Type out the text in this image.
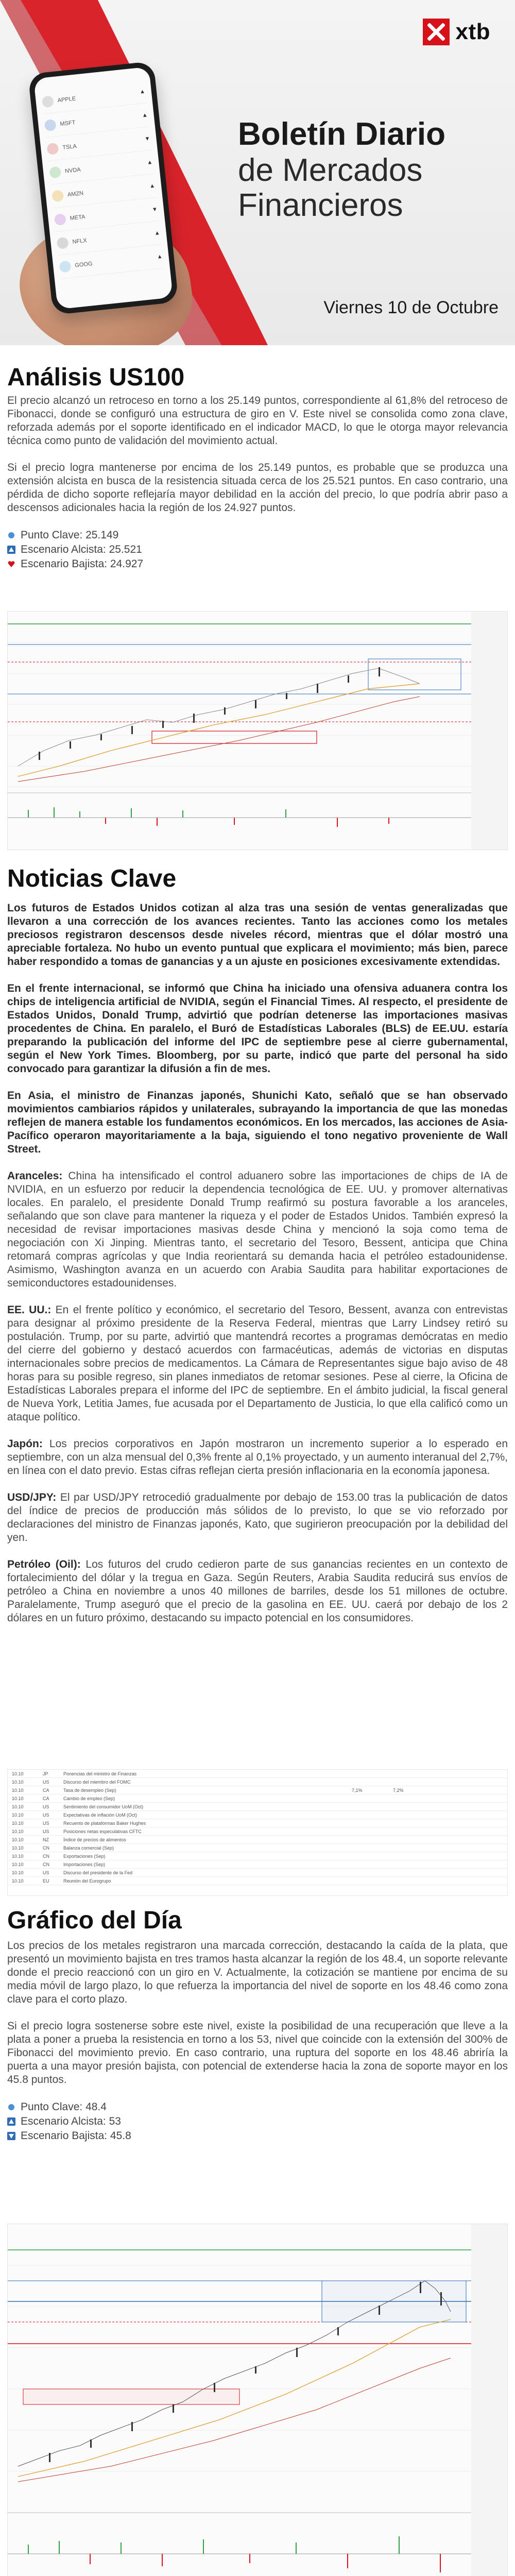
APPLE
▲
MSFT
▲
TSLA
▼
NVDA
▲
AMZN
▲
META
▼
NFLX
▲
GOOG
▲
xtb
Boletín Diario
de Mercados
Financieros
Viernes 10 de Octubre
Análisis US100

El precio alcanzó un retroceso en torno a los 25.149 puntos, correspondiente al 61,8% del retroceso de Fibonacci, donde se configuró una estructura de giro en V. Este nivel se consolida como zona clave, reforzada además por el soporte identificado en el indicador MACD, lo que le otorga mayor relevancia técnica como punto de validación del movimiento actual.

Si el precio logra mantenerse por encima de los 25.149 puntos, es probable que se produzca una extensión alcista en busca de la resistencia situada cerca de los 25.521 puntos. En caso contrario, una pérdida de dicho soporte reflejaría mayor debilidad en la acción del precio, lo que podría abrir paso a descensos adicionales hacia la región de los 24.927 puntos.

Punto Clave: 25.149
Escenario Alcista: 25.521
Escenario Bajista: 24.927
Noticias Clave

Los futuros de Estados Unidos cotizan al alza tras una sesión de ventas generalizadas que llevaron a una corrección de los avances recientes. Tanto las acciones como los metales preciosos registraron descensos desde niveles récord, mientras que el dólar mostró una apreciable fortaleza. No hubo un evento puntual que explicara el movimiento; más bien, parece haber respondido a tomas de ganancias y a un ajuste en posiciones excesivamente extendidas.

En el frente internacional, se informó que China ha iniciado una ofensiva aduanera contra los chips de inteligencia artificial de NVIDIA, según el Financial Times. Al respecto, el presidente de Estados Unidos, Donald Trump, advirtió que podrían detenerse las importaciones masivas procedentes de China. En paralelo, el Buró de Estadísticas Laborales (BLS) de EE.UU. estaría preparando la publicación del informe del IPC de septiembre pese al cierre gubernamental, según el New York Times. Bloomberg, por su parte, indicó que parte del personal ha sido convocado para garantizar la difusión a fin de mes.

En Asia, el ministro de Finanzas japonés, Shunichi Kato, señaló que se han observado movimientos cambiarios rápidos y unilaterales, subrayando la importancia de que las monedas reflejen de manera estable los fundamentos económicos. En los mercados, las acciones de Asia-Pacífico operaron mayoritariamente a la baja, siguiendo el tono negativo proveniente de Wall Street.

Aranceles: China ha intensificado el control aduanero sobre las importaciones de chips de IA de NVIDIA, en un esfuerzo por reducir la dependencia tecnológica de EE. UU. y promover alternativas locales. En paralelo, el presidente Donald Trump reafirmó su postura favorable a los aranceles, señalando que son clave para mantener la riqueza y el poder de Estados Unidos. También expresó la necesidad de revisar importaciones masivas desde China y mencionó la soja como tema de negociación con Xi Jinping. Mientras tanto, el secretario del Tesoro, Bessent, anticipa que China retomará compras agrícolas y que India reorientará su demanda hacia el petróleo estadounidense. Asimismo, Washington avanza en un acuerdo con Arabia Saudita para habilitar exportaciones de semiconductores estadounidenses.

EE. UU.: En el frente político y económico, el secretario del Tesoro, Bessent, avanza con entrevistas para designar al próximo presidente de la Reserva Federal, mientras que Larry Lindsey retiró su postulación. Trump, por su parte, advirtió que mantendrá recortes a programas demócratas en medio del cierre del gobierno y destacó acuerdos con farmacéuticas, además de victorias en disputas internacionales sobre precios de medicamentos. La Cámara de Representantes sigue bajo aviso de 48 horas para su posible regreso, sin planes inmediatos de retomar sesiones. Pese al cierre, la Oficina de Estadísticas Laborales prepara el informe del IPC de septiembre. En el ámbito judicial, la fiscal general de Nueva York, Letitia James, fue acusada por el Departamento de Justicia, lo que ella calificó como un ataque político.

Japón: Los precios corporativos en Japón mostraron un incremento superior a lo esperado en septiembre, con un alza mensual del 0,3% frente al 0,1% proyectado, y un aumento interanual del 2,7%, en línea con el dato previo. Estas cifras reflejan cierta presión inflacionaria en la economía japonesa.

USD/JPY: El par USD/JPY retrocedió gradualmente por debajo de 153.00 tras la publicación de datos del índice de precios de producción más sólidos de lo previsto, lo que se vio reforzado por declaraciones del ministro de Finanzas japonés, Kato, que sugirieron preocupación por la debilidad del yen.

Petróleo (Oil): Los futuros del crudo cedieron parte de sus ganancias recientes en un contexto de fortalecimiento del dólar y la tregua en Gaza. Según Reuters, Arabia Saudita reducirá sus envíos de petróleo a China en noviembre a unos 40 millones de barriles, desde los 51 millones de octubre. Paralelamente, Trump aseguró que el precio de la gasolina en EE. UU. caerá por debajo de los 2 dólares en un futuro próximo, destacando su impacto potencial en los consumidores.

10.10	JP	Ponencias del ministro de Finanzas
10.10	US	Discurso del miembro del FOMC
10.10	CA	Tasa de desempleo (Sep)	7,1%	7,2%
10.10	CA	Cambio de empleo (Sep)
10.10	US	Sentimiento del consumidor UoM (Oct)
10.10	US	Expectativas de inflación UoM (Oct)
10.10	US	Recuento de plataformas Baker Hughes
10.10	US	Posiciones netas especulativas CFTC
10.10	NZ	Índice de precios de alimentos
10.10	CN	Balanza comercial (Sep)
10.10	CN	Exportaciones (Sep)
10.10	CN	Importaciones (Sep)
10.10	US	Discurso del presidente de la Fed
10.10	EU	Reunión del Eurogrupo
Gráfico del Día

Los precios de los metales registraron una marcada corrección, destacando la caída de la plata, que presentó un movimiento bajista en tres tramos hasta alcanzar la región de los 48.4, un soporte relevante donde el precio reaccionó con un giro en V. Actualmente, la cotización se mantiene por encima de su media móvil de largo plazo, lo que refuerza la importancia del nivel de soporte en los 48.46 como zona clave para el corto plazo.

Si el precio logra sostenerse sobre este nivel, existe la posibilidad de una recuperación que lleve a la plata a poner a prueba la resistencia en torno a los 53, nivel que coincide con la extensión del 300% de Fibonacci del movimiento previo. En caso contrario, una ruptura del soporte en los 48.46 abriría la puerta a una mayor presión bajista, con potencial de extenderse hacia la zona de soporte mayor en los 45.8 puntos.

Punto Clave: 48.4
Escenario Alcista: 53
Escenario Bajista: 45.8
